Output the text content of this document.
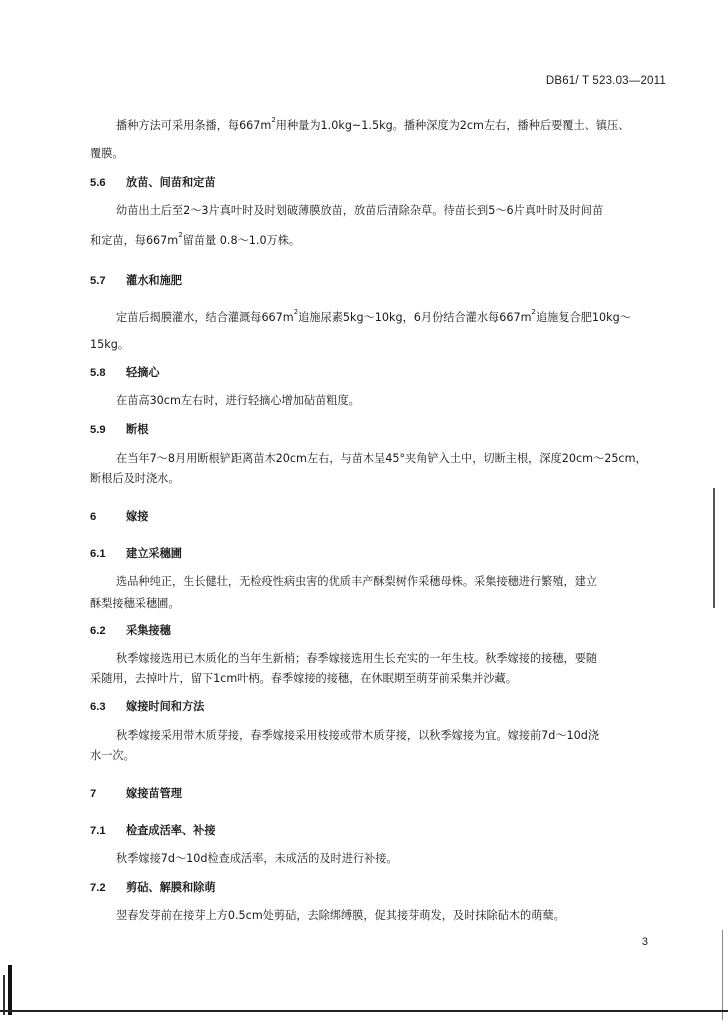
DB61/ T 523.03—2011
播种方法可采用条播，每$667m^2$用种量为1.0kg~1.5kg。播种深度为2cm左右，播种后要覆土、镇压、
覆膜。
5.6 放苗、间苗和定苗
幼苗出土后至2～3片真叶时及时划破薄膜放苗，放苗后清除杂草。待苗长到5～6片真叶时及时间苗
和定苗，每$667m^2$留苗量 0.8～1.0万株。
5.7 灌水和施肥
定苗后揭膜灌水，结合灌溉每$667m^2$追施尿素5kg～10kg，6月份结合灌水每$667m^2$追施复合肥10kg～
15kg。
5.8 轻摘心
在苗高30cm左右时，进行轻摘心增加砧苗粗度。
5.9 断根
在当年7～8月用断根铲距离苗木20cm左右，与苗木呈45°夹角铲入土中，切断主根，深度20cm～25cm，
断根后及时浇水。
6	嫁接
6.1 建立采穗圃
选品种纯正，生长健壮，无检疫性病虫害的优质丰产酥梨树作采穗母株。采集接穗进行繁殖，建立
酥梨接穗采穗圃。
6.2 采集接穗
秋季嫁接选用已木质化的当年生新梢；春季嫁接选用生长充实的一年生枝。秋季嫁接的接穗，要随
采随用，去掉叶片，留下1cm叶柄。春季嫁接的接穗，在休眠期至萌芽前采集并沙藏。
6.3 嫁接时间和方法
秋季嫁接采用带木质芽接，春季嫁接采用枝接或带木质芽接，以秋季嫁接为宜。嫁接前7d～10d浇
水一次。
7	嫁接苗管理
7.1 检查成活率、补接
秋季嫁接7d～10d检查成活率，未成活的及时进行补接。
7.2 剪砧、解膜和除萌
翌春发芽前在接芽上方0.5cm处剪砧，去除绑缚膜，促其接芽萌发，及时抹除砧木的萌蘖。
3
